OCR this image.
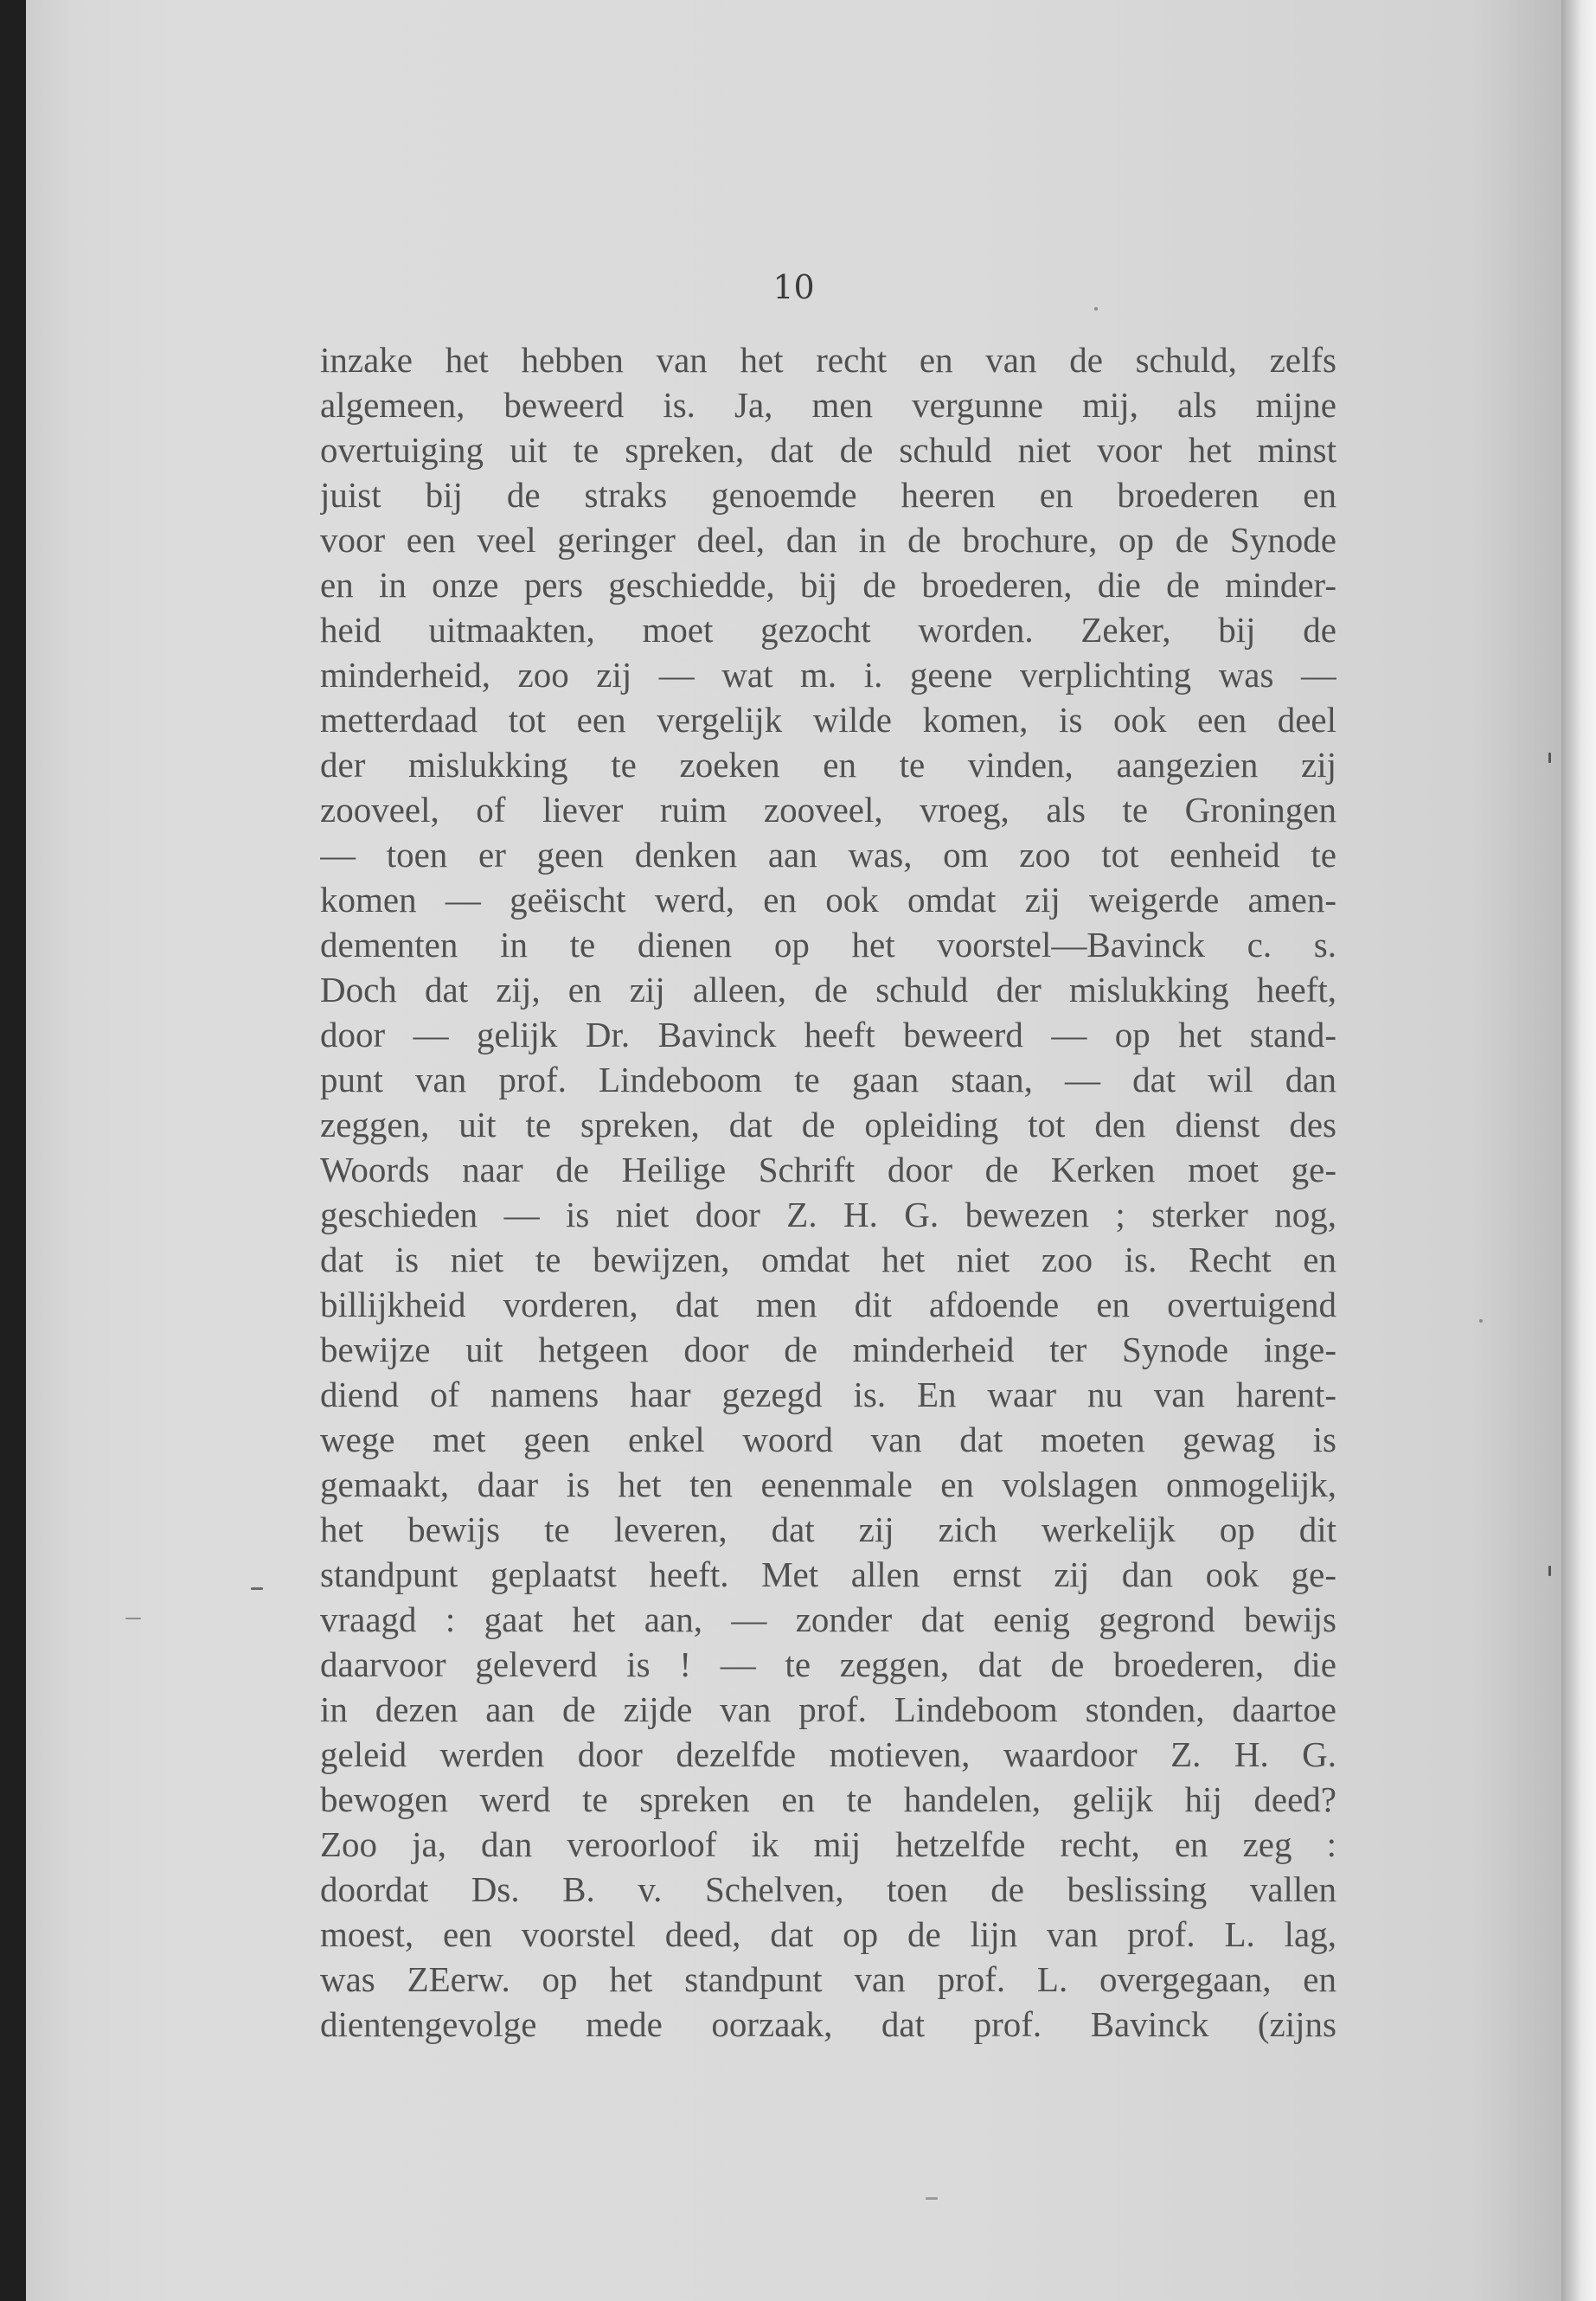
10
inzake het hebben van het recht en van de schuld, zelfs
algemeen, beweerd is. Ja, men vergunne mij, als mijne
overtuiging uit te spreken, dat de schuld niet voor het minst
juist bij de straks genoemde heeren en broederen en
voor een veel geringer deel, dan in de brochure, op de Synode
en in onze pers geschiedde, bij de broederen, die de minder-
heid uitmaakten, moet gezocht worden. Zeker, bij de
minderheid, zoo zij — wat m. i. geene verplichting was —
metterdaad tot een vergelijk wilde komen, is ook een deel
der mislukking te zoeken en te vinden, aangezien zij
zooveel, of liever ruim zooveel, vroeg, als te Groningen
— toen er geen denken aan was, om zoo tot eenheid te
komen — geëischt werd, en ook omdat zij weigerde amen-
dementen in te dienen op het voorstel—Bavinck c. s.
Doch dat zij, en zij alleen, de schuld der mislukking heeft,
door — gelijk Dr. Bavinck heeft beweerd — op het stand-
punt van prof. Lindeboom te gaan staan, — dat wil dan
zeggen, uit te spreken, dat de opleiding tot den dienst des
Woords naar de Heilige Schrift door de Kerken moet ge-
geschieden — is niet door Z. H. G. bewezen ; sterker nog,
dat is niet te bewijzen, omdat het niet zoo is. Recht en
billijkheid vorderen, dat men dit afdoende en overtuigend
bewijze uit hetgeen door de minderheid ter Synode inge-
diend of namens haar gezegd is. En waar nu van harent-
wege met geen enkel woord van dat moeten gewag is
gemaakt, daar is het ten eenenmale en volslagen onmogelijk,
het bewijs te leveren, dat zij zich werkelijk op dit
standpunt geplaatst heeft. Met allen ernst zij dan ook ge-
vraagd : gaat het aan, — zonder dat eenig gegrond bewijs
daarvoor geleverd is ! — te zeggen, dat de broederen, die
in dezen aan de zijde van prof. Lindeboom stonden, daartoe
geleid werden door dezelfde motieven, waardoor Z. H. G.
bewogen werd te spreken en te handelen, gelijk hij deed?
Zoo ja, dan veroorloof ik mij hetzelfde recht, en zeg :
doordat Ds. B. v. Schelven, toen de beslissing vallen
moest, een voorstel deed, dat op de lijn van prof. L. lag,
was ZEerw. op het standpunt van prof. L. overgegaan, en
dientengevolge mede oorzaak, dat prof. Bavinck (zijns
